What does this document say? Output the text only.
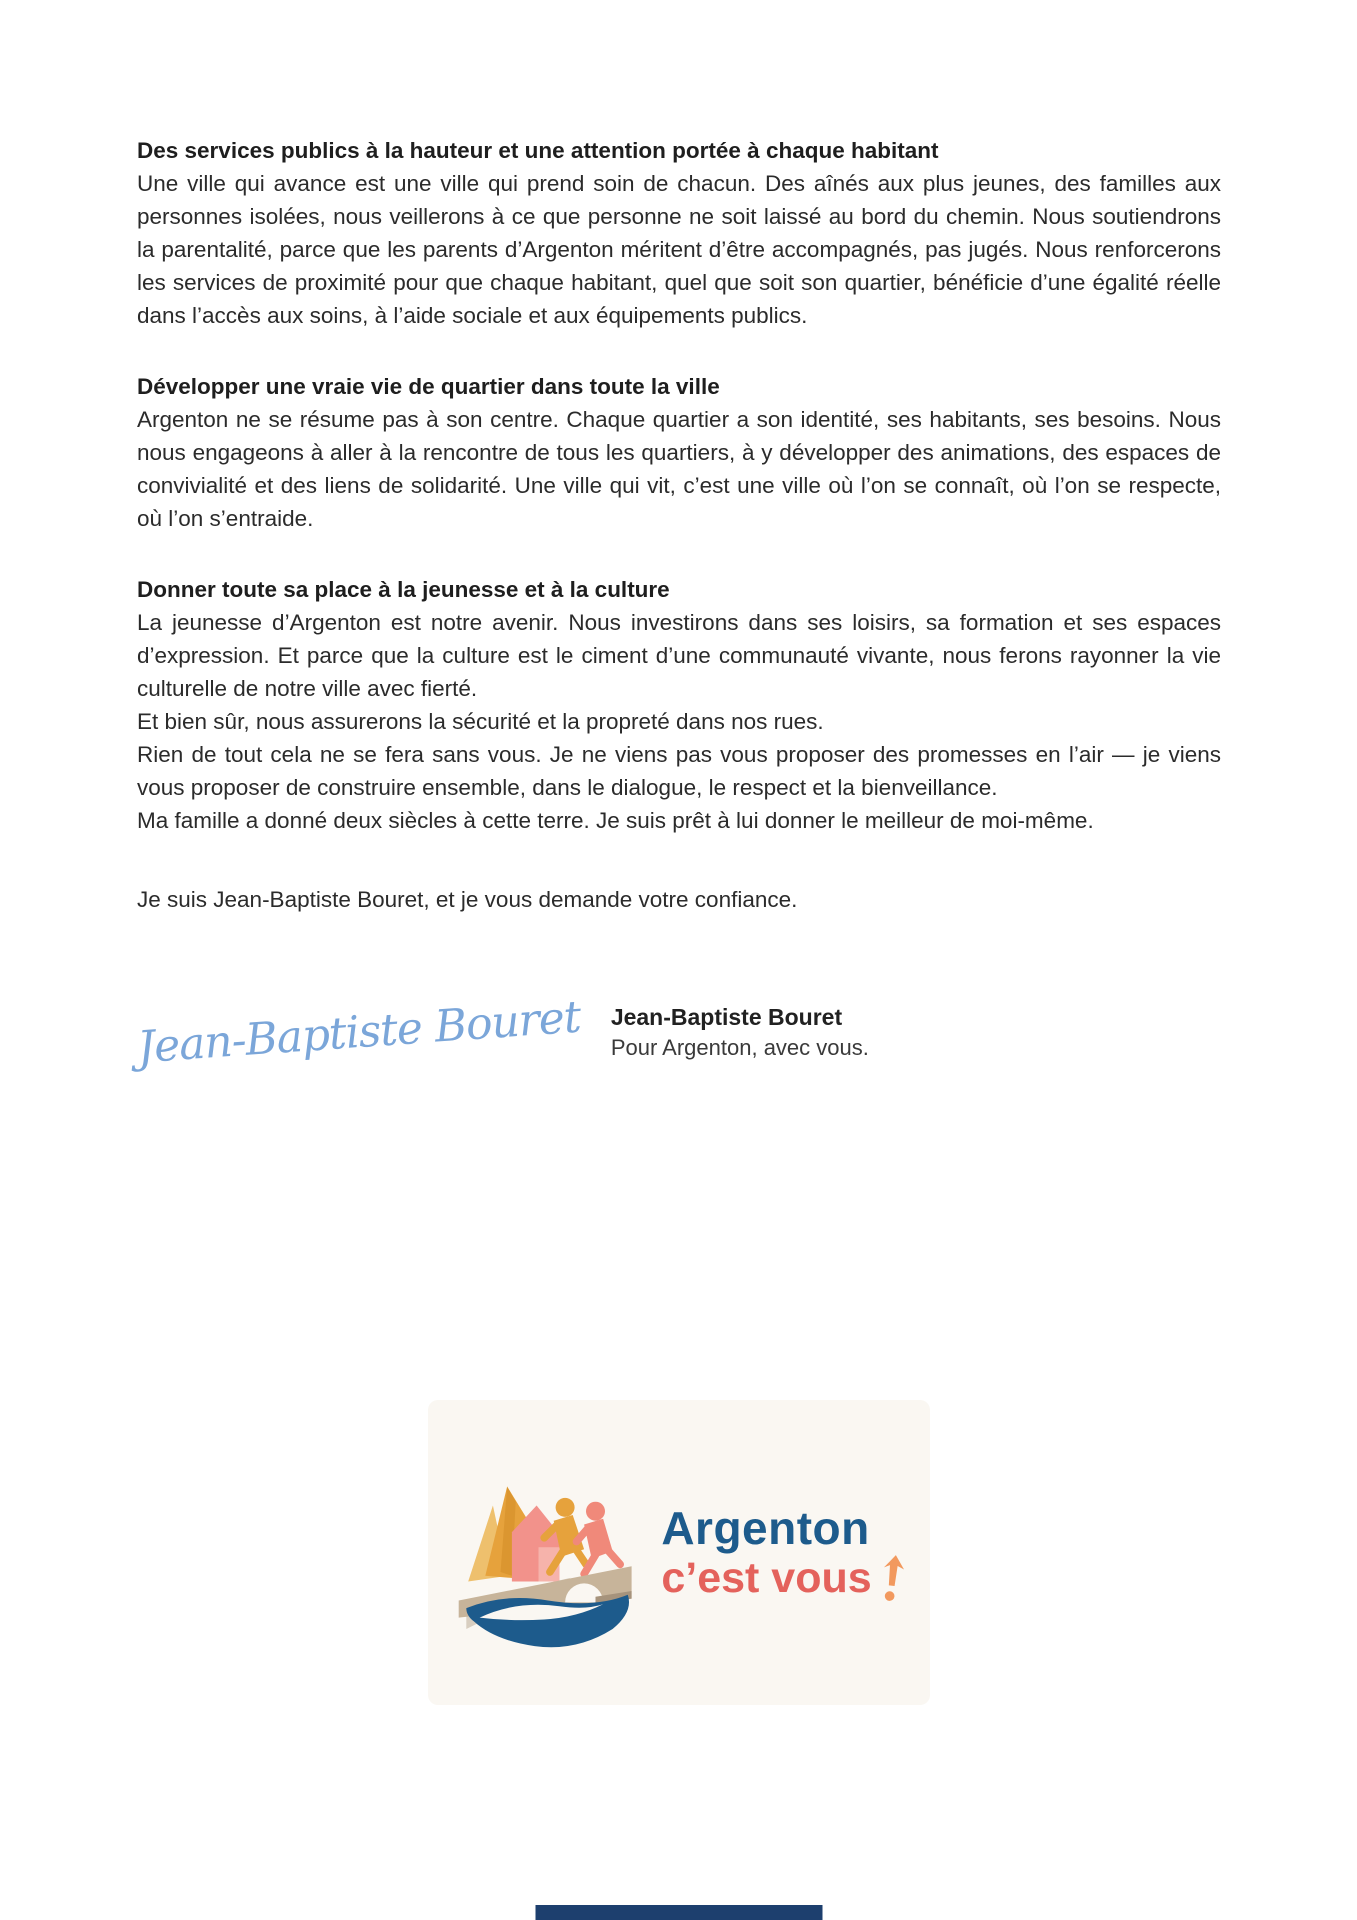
Des services publics à la hauteur et une attention portée à chaque habitant

Une ville qui avance est une ville qui prend soin de chacun. Des aînés aux plus jeunes, des familles aux personnes isolées, nous veillerons à ce que personne ne soit laissé au bord du chemin. Nous soutiendrons la parentalité, parce que les parents d’Argenton méritent d’être accompagnés, pas jugés. Nous renforcerons les services de proximité pour que chaque habitant, quel que soit son quartier, bénéficie d’une égalité réelle dans l’accès aux soins, à l’aide sociale et aux équipements publics.

Développer une vraie vie de quartier dans toute la ville

Argenton ne se résume pas à son centre. Chaque quartier a son identité, ses habitants, ses besoins. Nous nous engageons à aller à la rencontre de tous les quartiers, à y développer des animations, des espaces de convivialité et des liens de solidarité. Une ville qui vit, c’est une ville où l’on se connaît, où l’on se respecte, où l’on s’entraide.

Donner toute sa place à la jeunesse et à la culture

La jeunesse d’Argenton est notre avenir. Nous investirons dans ses loisirs, sa formation et ses espaces d’expression. Et parce que la culture est le ciment d’une communauté vivante, nous ferons rayonner la vie culturelle de notre ville avec fierté.

Et bien sûr, nous assurerons la sécurité et la propreté dans nos rues.

Rien de tout cela ne se fera sans vous. Je ne viens pas vous proposer des promesses en l’air — je viens vous proposer de construire ensemble, dans le dialogue, le respect et la bienveillance.

Ma famille a donné deux siècles à cette terre. Je suis prêt à lui donner le meilleur de moi-même.

Je suis Jean-Baptiste Bouret, et je vous demande votre confiance.

Jean-Baptiste Bouret Jean-Baptiste Bouret
Pour Argenton, avec vous.
Argenton
c’est vous
